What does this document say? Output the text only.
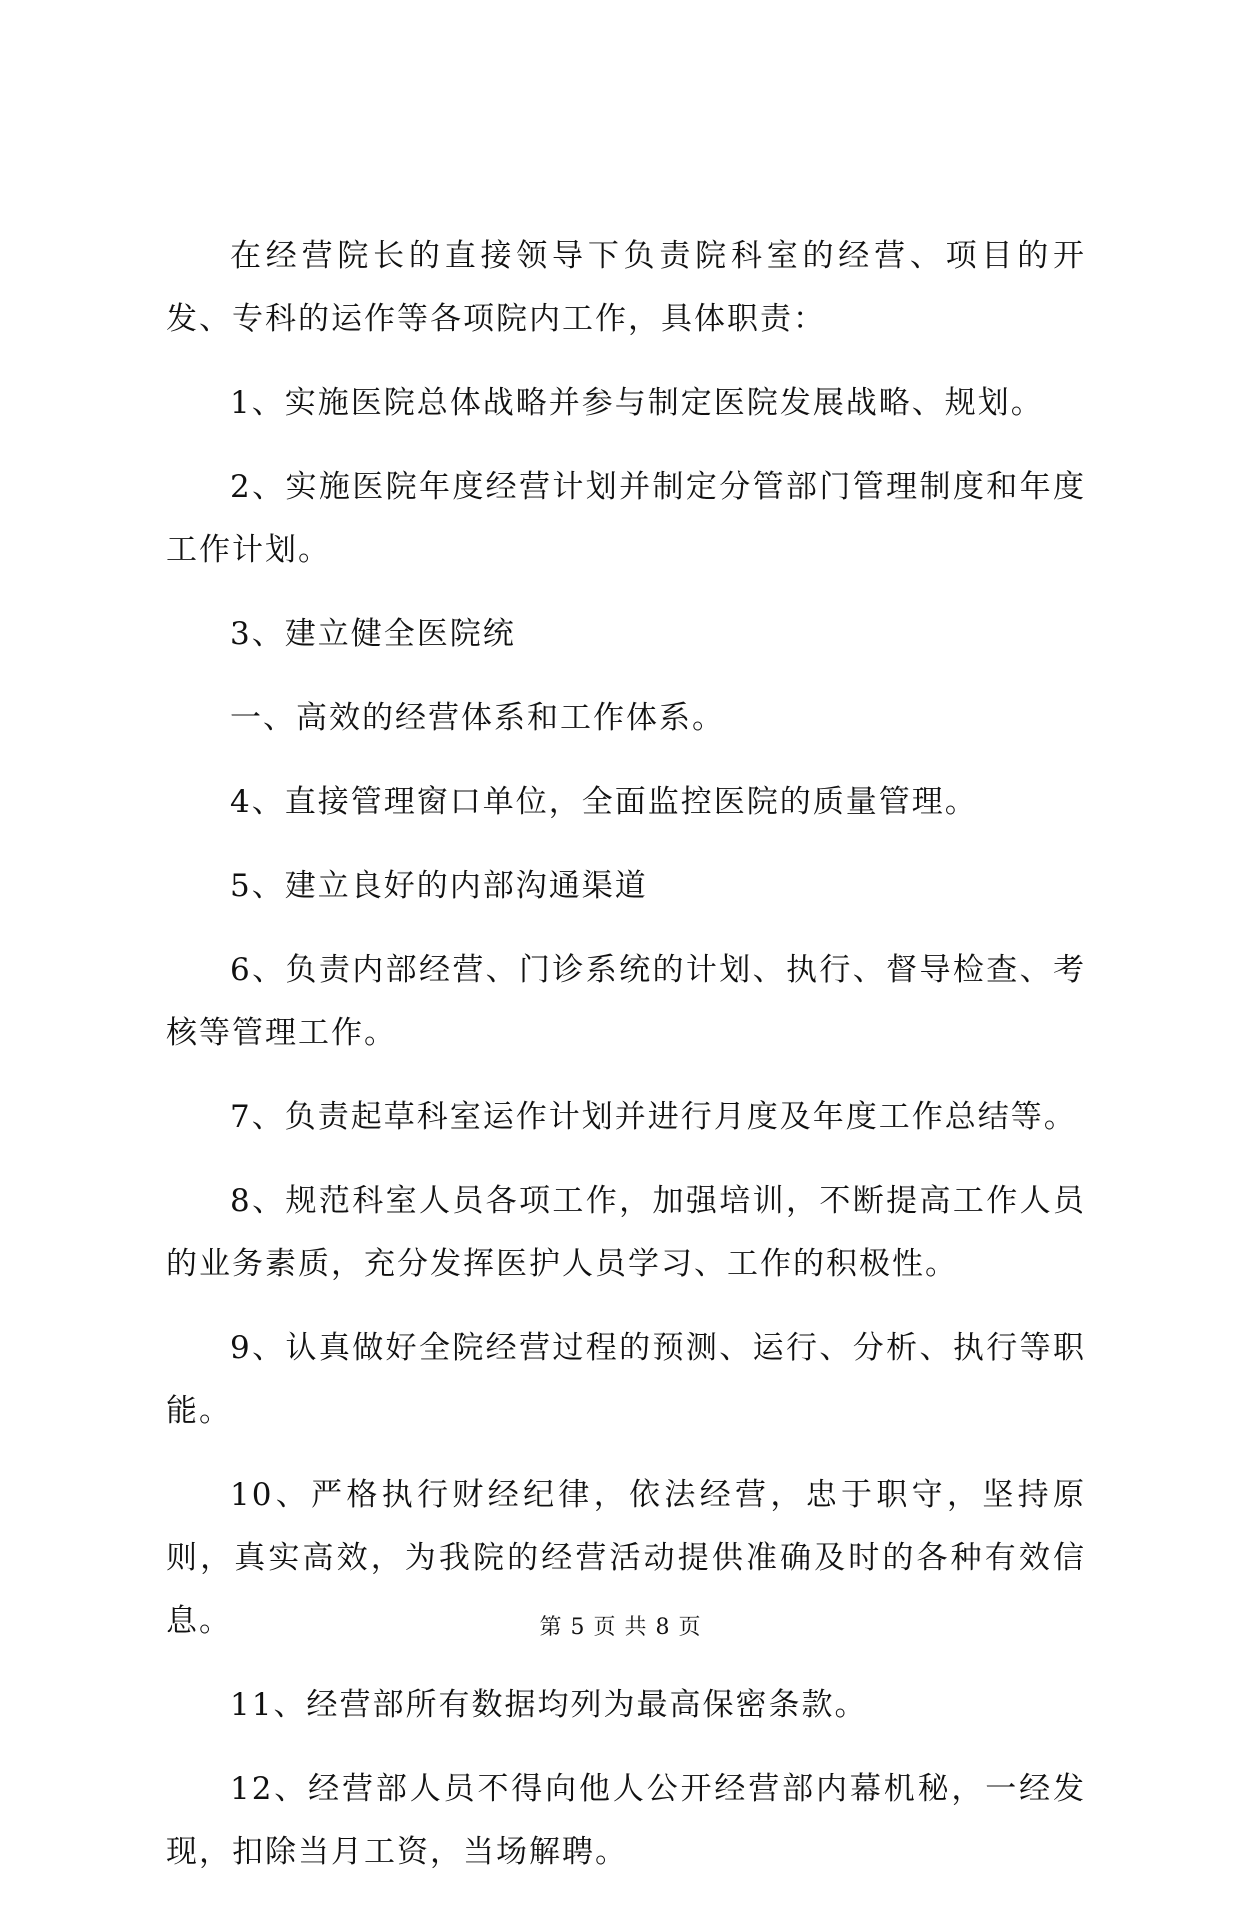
在经营院长的直接领导下负责院科室的经营、项目的开发、专科的运作等各项院内工作，具体职责：

1、实施医院总体战略并参与制定医院发展战略、规划。

2、实施医院年度经营计划并制定分管部门管理制度和年度工作计划。

3、建立健全医院统

一、高效的经营体系和工作体系。

4、直接管理窗口单位，全面监控医院的质量管理。

5、建立良好的内部沟通渠道

6、负责内部经营、门诊系统的计划、执行、督导检查、考核等管理工作。

7、负责起草科室运作计划并进行月度及年度工作总结等。

8、规范科室人员各项工作，加强培训，不断提高工作人员的业务素质，充分发挥医护人员学习、工作的积极性。

9、认真做好全院经营过程的预测、运行、分析、执行等职能。

10、严格执行财经纪律，依法经营，忠于职守，坚持原则，真实高效，为我院的经营活动提供准确及时的各种有效信息。

11、经营部所有数据均列为最高保密条款。

12、经营部人员不得向他人公开经营部内幕机秘，一经发现，扣除当月工资，当场解聘。

第 5 页 共 8 页
